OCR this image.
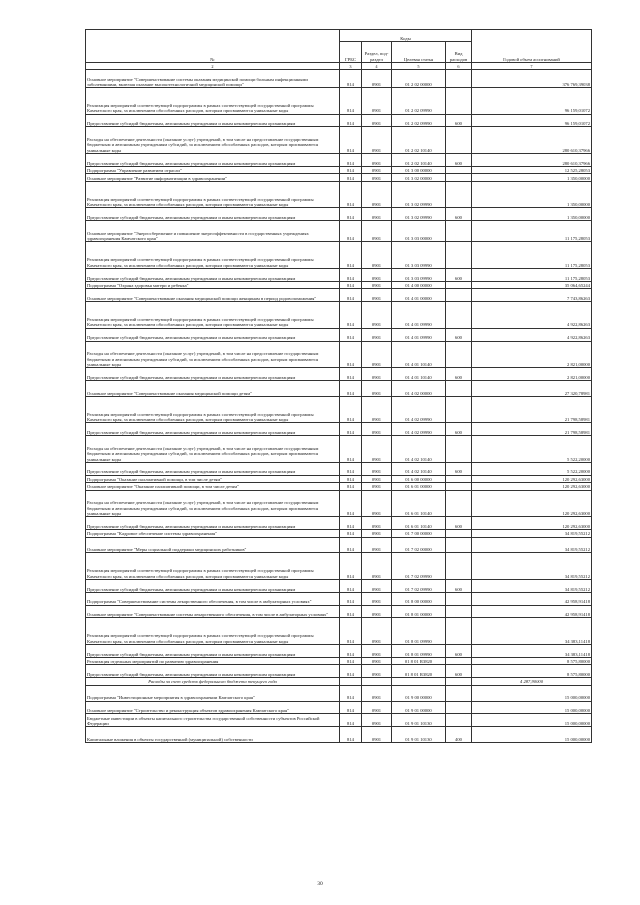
№	Коды				Годовой объем ассигнований
	ГРБС	Раздел, под-раздел	Целевая статья	Вид расходов	
2	3	4	5	6	7
Основное мероприятие "Совершенствование системы оказания медицинской помощи больным инфекционными заболеваниями, включая оказание высокотехнологичной медицинской помощи"	814	0901	01 2 02 00000		376 769,39038
Реализация мероприятий соответствующей подпрограммы в рамках соответствующей государственной программы Камчатского края, за исключением обособленных расходов, которым присваиваются уникальные коды	814	0901	01 2 02 09990		96 159,01072
Предоставление субсидий бюджетным, автономным учреждениям и иным некоммерческим организациям	814	0901	01 2 02 09990	600	96 159,01072
Расходы на обеспечение деятельности (оказание услуг) учреждений, в том числе на предоставление государственным бюджетным и автономным учреждениям субсидий, за исключением обособленных расходов, которым присваиваются уникальные коды	814	0901	01 2 02 10140		280 610,37966
Предоставление субсидий бюджетным, автономным учреждениям и иным некоммерческим организациям	814	0901	01 2 02 10140	600	280 610,37966
Подпрограмма "Управление развитием отрасли"	814	0901	01 3 00 00000		12 525,28053
Основное мероприятие "Развитие информатизации в здравоохранении"	814	0901	01 3 02 00000		1 350,00000
Реализация мероприятий соответствующей подпрограммы в рамках соответствующей государственной программы Камчатского края, за исключением обособленных расходов, которым присваиваются уникальные коды	814	0901	01 3 02 09990		1 350,00000
Предоставление субсидий бюджетным, автономным учреждениям и иным некоммерческим организациям	814	0901	01 3 02 09990	600	1 350,00000
Основное мероприятие "Энергосбережение и повышение энергоэффективности в государственных учреждениях здравоохранения Камчатского края"	814	0901	01 3 03 00000		11 175,28053
Реализация мероприятий соответствующей подпрограммы в рамках соответствующей государственной программы Камчатского края, за исключением обособленных расходов, которым присваиваются уникальные коды	814	0901	01 3 03 09990		11 175,28053
Предоставление субсидий бюджетным, автономным учреждениям и иным некоммерческим организациям	814	0901	01 3 03 09990	600	11 175,28053
Подпрограмма "Охрана здоровья матери и ребенка"	814	0901	01 4 00 00000		35 064,65244
Основное мероприятие "Совершенствование оказания медицинской помощи женщинам в период родовспоможения"	814	0901	01 4 01 00000		7 743,86263
Реализация мероприятий соответствующей подпрограммы в рамках соответствующей государственной программы Камчатского края, за исключением обособленных расходов, которым присваиваются уникальные коды	814	0901	01 4 01 09990		4 922,86263
Предоставление субсидий бюджетным, автономным учреждениям и иным некоммерческим организациям	814	0901	01 4 01 09990	600	4 922,86263
Расходы на обеспечение деятельности (оказание услуг) учреждений, в том числе на предоставление государственным бюджетным и автономным учреждениям субсидий, за исключением обособленных расходов, которым присваиваются уникальные коды	814	0901	01 4 01 10140		2 821,00000
Предоставление субсидий бюджетным, автономным учреждениям и иным некоммерческим организациям	814	0901	01 4 01 10140	600	2 821,00000
Основное мероприятие "Совершенствование оказания медицинской помощи детям"	814	0901	01 4 02 00000		27 320,78981
Реализация мероприятий соответствующей подпрограммы в рамках соответствующей государственной программы Камчатского края, за исключением обособленных расходов, которым присваиваются уникальные коды	814	0901	01 4 02 09990		21 798,58981
Предоставление субсидий бюджетным, автономным учреждениям и иным некоммерческим организациям	814	0901	01 4 02 09990	600	21 798,58981
Расходы на обеспечение деятельности (оказание услуг) учреждений, в том числе на предоставление государственным бюджетным и автономным учреждениям субсидий, за исключением обособленных расходов, которым присваиваются уникальные коды	814	0901	01 4 02 10140		5 522,20000
Предоставление субсидий бюджетным, автономным учреждениям и иным некоммерческим организациям	814	0901	01 4 02 10140	600	5 522,20000
Подпрограмма "Оказание паллиативной помощи, в том числе детям"	814	0901	01 6 00 00000		120 292,63000
Основное мероприятие "Оказание паллиативной помощи, в том числе детям"	814	0901	01 6 01 00000		120 292,63000
Расходы на обеспечение деятельности (оказание услуг) учреждений, в том числе на предоставление государственным бюджетным и автономным учреждениям субсидий, за исключением обособленных расходов, которым присваиваются уникальные коды	814	0901	01 6 01 10140		120 292,63000
Предоставление субсидий бюджетным, автономным учреждениям и иным некоммерческим организациям	814	0901	01 6 01 10140	600	120 292,63000
Подпрограмма "Кадровое обеспечение системы здравоохранения"	814	0901	01 7 00 00000		34 819,55212
Основное мероприятие "Меры социальной поддержки медицинских работников"	814	0901	01 7 02 00000		34 819,55212
Реализация мероприятий соответствующей подпрограммы в рамках соответствующей государственной программы Камчатского края, за исключением обособленных расходов, которым присваиваются уникальные коды	814	0901	01 7 02 09990		34 819,55212
Предоставление субсидий бюджетным, автономным учреждениям и иным некоммерческим организациям	814	0901	01 7 02 09990	600	34 819,55212
Подпрограмма "Совершенствование системы лекарственного обеспечения, в том числе в амбулаторных условиях"	814	0901	01 8 00 00000		42 958,91418
Основное мероприятие "Совершенствование системы лекарственного обеспечения, в том числе в амбулаторных условиях"	814	0901	01 8 01 00000		42 958,91418
Реализация мероприятий соответствующей подпрограммы в рамках соответствующей государственной программы Камчатского края, за исключением обособленных расходов, которым присваиваются уникальные коды	814	0901	01 8 01 09990		34 383,11418
Предоставление субсидий бюджетным, автономным учреждениям и иным некоммерческим организациям	814	0901	01 8 01 09990	600	34 383,11418
Реализация отдельных мероприятий по развитию здравоохранения	814	0901	01 8 01 R3820		8 575,80000
Предоставление субсидий бюджетным, автономным учреждениям и иным некоммерческим организациям	814	0901	01 8 01 R3820	600	8 575,80000
Расходы за счет средств федерального бюджета текущего года					4 287,90000
Подпрограмма "Инвестиционные мероприятия в здравоохранении Камчатского края"	814	0901	01 9 00 00000		15 000,00000
Основное мероприятие "Строительство и реконструкция объектов здравоохранения Камчатского края"	814	0901	01 9 01 00000		15 000,00000
Бюджетные инвестиции в объекты капитального строительства государственной собственности субъектов Российской Федерации	814	0901	01 9 01 10130		15 000,00000
Капитальные вложения в объекты государственной (муниципальной) собственности	814	0901	01 9 01 10130	400	15 000,00000
30
